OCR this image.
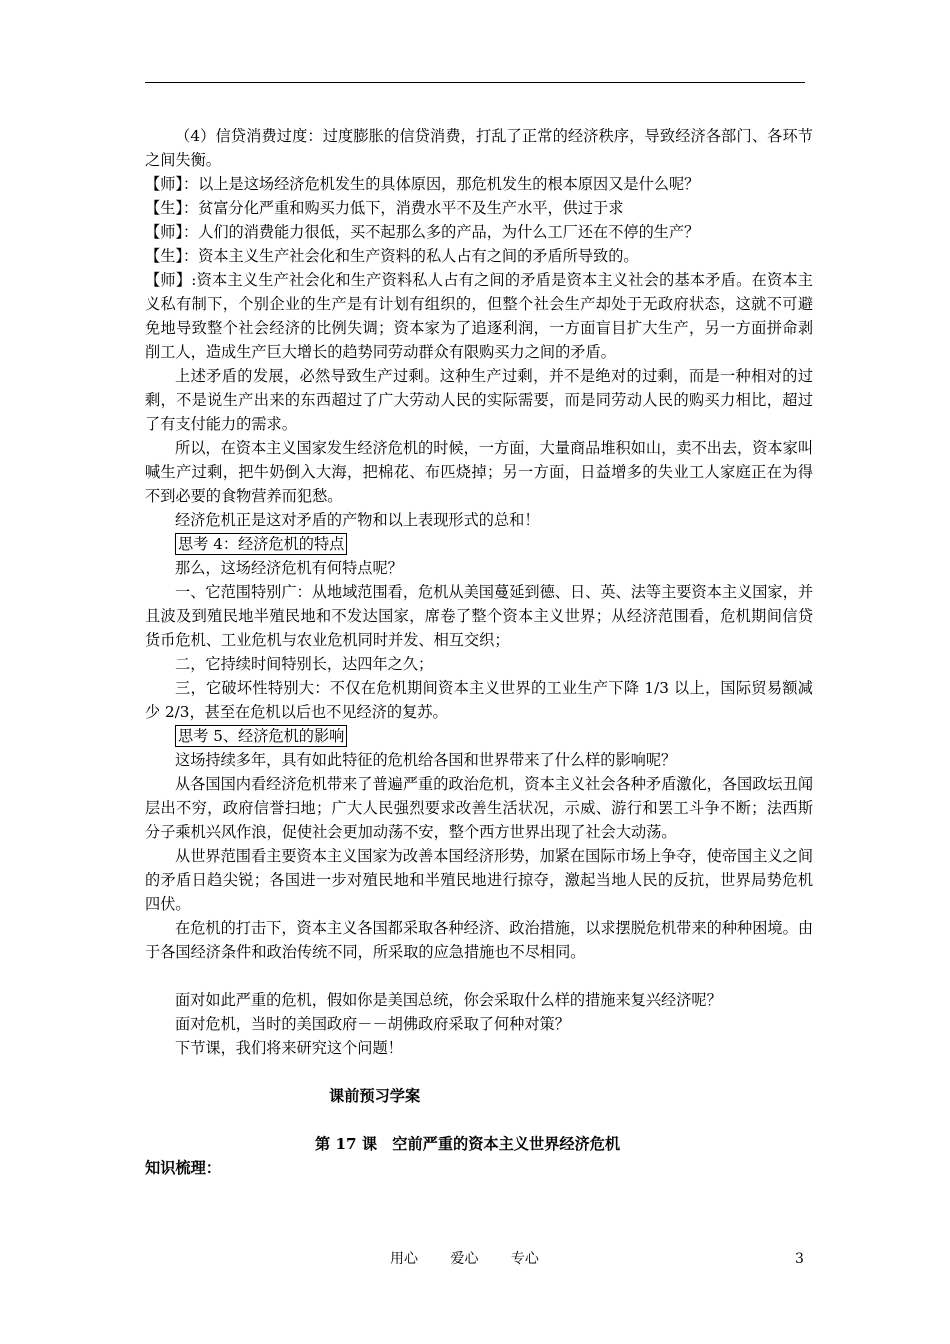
（4）信贷消费过度：过度膨胀的信贷消费，打乱了正常的经济秩序，导致经济各部门、各环节之间失衡。

【师】：以上是这场经济危机发生的具体原因，那危机发生的根本原因又是什么呢？

【生】：贫富分化严重和购买力低下，消费水平不及生产水平，供过于求

【师】：人们的消费能力很低，买不起那么多的产品，为什么工厂还在不停的生产？

【生】：资本主义生产社会化和生产资料的私人占有之间的矛盾所导致的。

【师】:资本主义生产社会化和生产资料私人占有之间的矛盾是资本主义社会的基本矛盾。在资本主义私有制下，个别企业的生产是有计划有组织的，但整个社会生产却处于无政府状态，这就不可避免地导致整个社会经济的比例失调；资本家为了追逐利润，一方面盲目扩大生产，另一方面拼命剥削工人，造成生产巨大增长的趋势同劳动群众有限购买力之间的矛盾。

上述矛盾的发展，必然导致生产过剩。这种生产过剩，并不是绝对的过剩，而是一种相对的过剩，不是说生产出来的东西超过了广大劳动人民的实际需要，而是同劳动人民的购买力相比，超过了有支付能力的需求。

所以，在资本主义国家发生经济危机的时候，一方面，大量商品堆积如山，卖不出去，资本家叫喊生产过剩，把牛奶倒入大海，把棉花、布匹烧掉；另一方面，日益增多的失业工人家庭正在为得不到必要的食物营养而犯愁。

经济危机正是这对矛盾的产物和以上表现形式的总和！

思考 4：经济危机的特点

那么，这场经济危机有何特点呢？

一、它范围特别广：从地域范围看，危机从美国蔓延到德、日、英、法等主要资本主义国家，并且波及到殖民地半殖民地和不发达国家，席卷了整个资本主义世界；从经济范围看，危机期间信贷货币危机、工业危机与农业危机同时并发、相互交织；

二，它持续时间特别长，达四年之久；

三，它破坏性特别大：不仅在危机期间资本主义世界的工业生产下降 1/3 以上，国际贸易额减少 2/3，甚至在危机以后也不见经济的复苏。

思考 5、经济危机的影响

这场持续多年，具有如此特征的危机给各国和世界带来了什么样的影响呢？

从各国国内看经济危机带来了普遍严重的政治危机，资本主义社会各种矛盾激化，各国政坛丑闻层出不穷，政府信誉扫地；广大人民强烈要求改善生活状况，示威、游行和罢工斗争不断；法西斯分子乘机兴风作浪，促使社会更加动荡不安，整个西方世界出现了社会大动荡。

从世界范围看主要资本主义国家为改善本国经济形势，加紧在国际市场上争夺，使帝国主义之间的矛盾日趋尖锐；各国进一步对殖民地和半殖民地进行掠夺，激起当地人民的反抗，世界局势危机四伏。

在危机的打击下，资本主义各国都采取各种经济、政治措施，以求摆脱危机带来的种种困境。由于各国经济条件和政治传统不同，所采取的应急措施也不尽相同。

面对如此严重的危机，假如你是美国总统，你会采取什么样的措施来复兴经济呢？

面对危机，当时的美国政府－－胡佛政府采取了何种对策？

下节课，我们将来研究这个问题！

课前预习学案

第 17 课　空前严重的资本主义世界经济危机

知识梳理：

用心 爱心 专心	3
